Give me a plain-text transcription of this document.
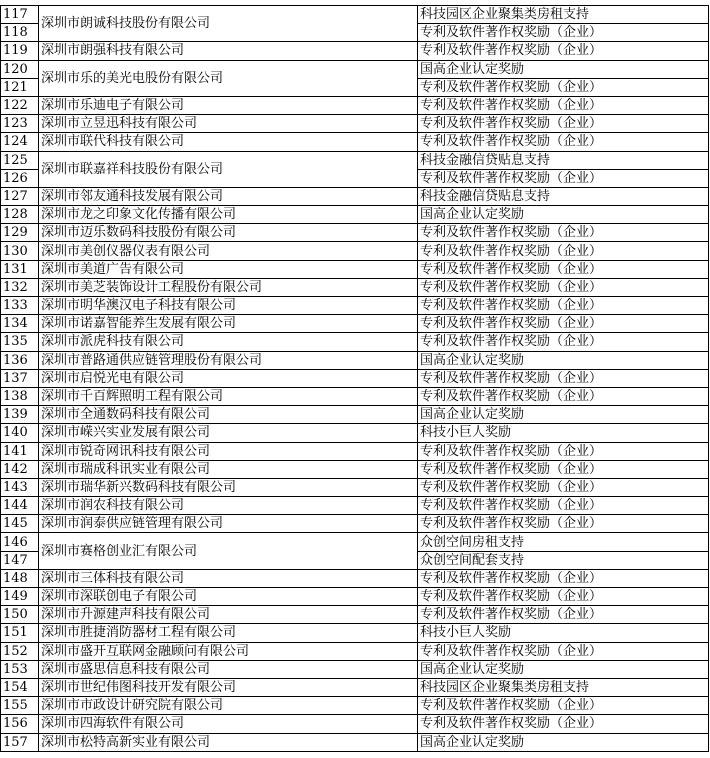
117	深圳市朗诚科技股份有限公司	科技园区企业聚集类房租支持
118		专利及软件著作权奖励（企业）
119	深圳市朗强科技有限公司	专利及软件著作权奖励（企业）
120	深圳市乐的美光电股份有限公司	国高企业认定奖励
121		专利及软件著作权奖励（企业）
122	深圳市乐迪电子有限公司	专利及软件著作权奖励（企业）
123	深圳市立昱迅科技有限公司	专利及软件著作权奖励（企业）
124	深圳市联代科技有限公司	专利及软件著作权奖励（企业）
125	深圳市联嘉祥科技股份有限公司	科技金融信贷贴息支持
126		专利及软件著作权奖励（企业）
127	深圳市邻友通科技发展有限公司	科技金融信贷贴息支持
128	深圳市龙之印象文化传播有限公司	国高企业认定奖励
129	深圳市迈乐数码科技股份有限公司	专利及软件著作权奖励（企业）
130	深圳市美创仪器仪表有限公司	专利及软件著作权奖励（企业）
131	深圳市美道广告有限公司	专利及软件著作权奖励（企业）
132	深圳市美芝装饰设计工程股份有限公司	专利及软件著作权奖励（企业）
133	深圳市明华澳汉电子科技有限公司	专利及软件著作权奖励（企业）
134	深圳市诺嘉智能养生发展有限公司	专利及软件著作权奖励（企业）
135	深圳市派虎科技有限公司	专利及软件著作权奖励（企业）
136	深圳市普路通供应链管理股份有限公司	国高企业认定奖励
137	深圳市启悦光电有限公司	专利及软件著作权奖励（企业）
138	深圳市千百辉照明工程有限公司	专利及软件著作权奖励（企业）
139	深圳市全通数码科技有限公司	国高企业认定奖励
140	深圳市嵘兴实业发展有限公司	科技小巨人奖励
141	深圳市锐奇网讯科技有限公司	专利及软件著作权奖励（企业）
142	深圳市瑞成科讯实业有限公司	专利及软件著作权奖励（企业）
143	深圳市瑞华新兴数码科技有限公司	专利及软件著作权奖励（企业）
144	深圳市润农科技有限公司	专利及软件著作权奖励（企业）
145	深圳市润泰供应链管理有限公司	专利及软件著作权奖励（企业）
146	深圳市赛格创业汇有限公司	众创空间房租支持
147		众创空间配套支持
148	深圳市三体科技有限公司	专利及软件著作权奖励（企业）
149	深圳市深联创电子有限公司	专利及软件著作权奖励（企业）
150	深圳市升源建声科技有限公司	专利及软件著作权奖励（企业）
151	深圳市胜捷消防器材工程有限公司	科技小巨人奖励
152	深圳市盛开互联网金融顾问有限公司	专利及软件著作权奖励（企业）
153	深圳市盛思信息科技有限公司	国高企业认定奖励
154	深圳市世纪伟图科技开发有限公司	科技园区企业聚集类房租支持
155	深圳市市政设计研究院有限公司	专利及软件著作权奖励（企业）
156	深圳市四海软件有限公司	专利及软件著作权奖励（企业）
157	深圳市松特高新实业有限公司	国高企业认定奖励
